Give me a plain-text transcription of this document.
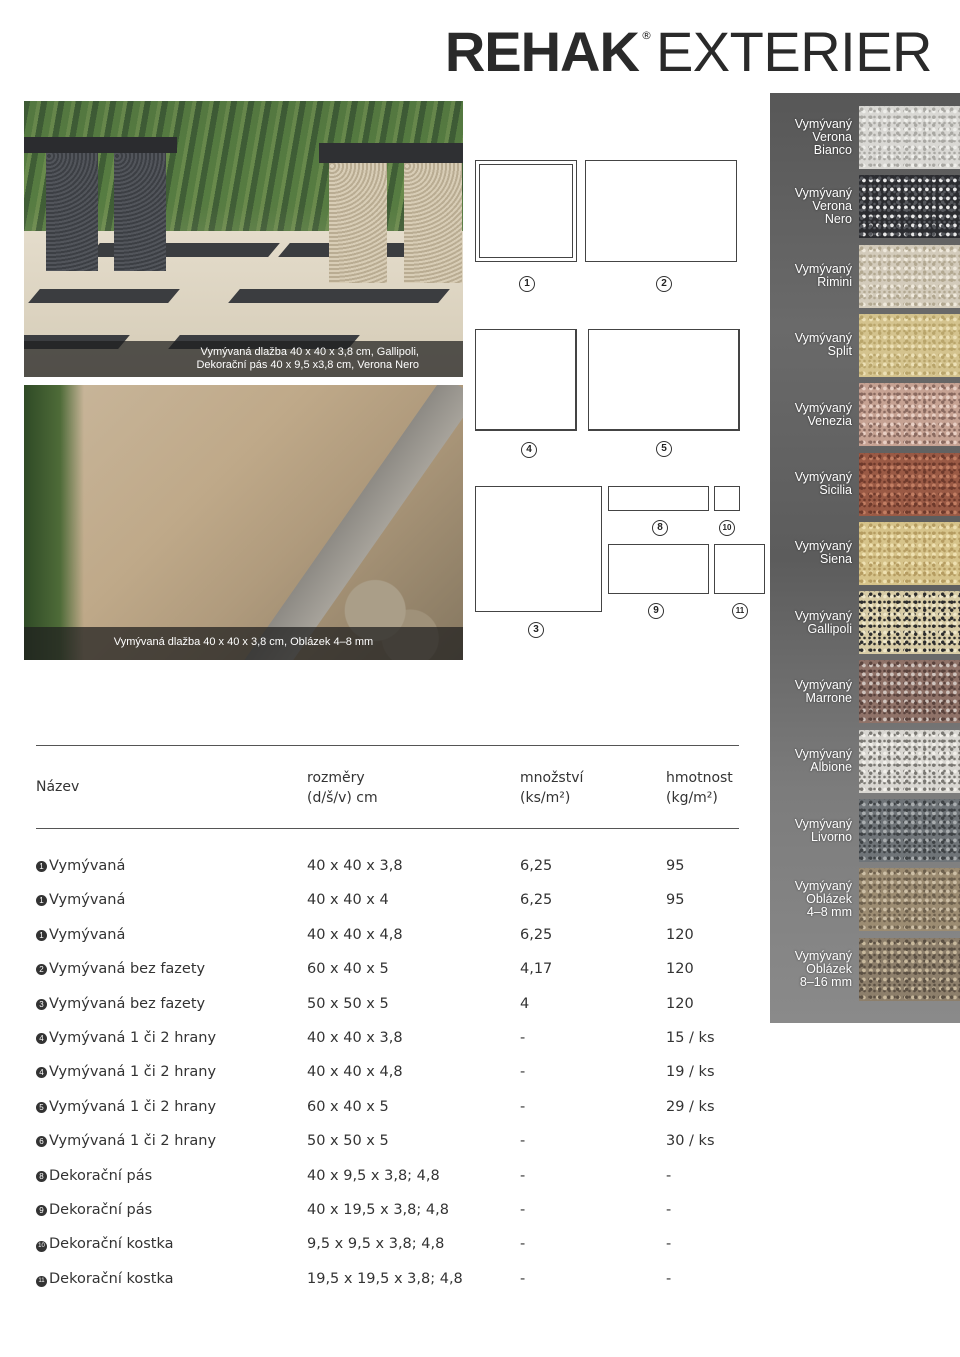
REHAK ® EXTERIER
Vymývaná dlažba 40 x 40 x 3,8 cm, Gallipoli,
Dekorační pás 40 x 9,5 x3,8 cm, Verona Nero
Vymývaná dlažba 40 x 40 x 3,8 cm, Oblázek 4–8 mm
1	2
4	5
3
8	10
9	11
Vymývaný
Verona
Bianco
Vymývaný
Verona
Nero
Vymývaný
Rimini
Vymývaný
Split
Vymývaný
Venezia
Vymývaný
Sicilia
Vymývaný
Siena
Vymývaný
Gallipoli
Vymývaný
Marrone
Vymývaný
Albione
Vymývaný
Livorno
Vymývaný
Oblázek
4–8 mm
Vymývaný
Oblázek
8–16 mm
Název
rozměry
(d/š/v) cm
množství
(ks/m²)
hmotnost
(kg/m²)
1 Vymývaná	40 x 40 x 3,8	6,25	95
1 Vymývaná	40 x 40 x 4	6,25	95
1 Vymývaná	40 x 40 x 4,8	6,25	120
2 Vymývaná bez fazety	60 x 40 x 5	4,17	120
3 Vymývaná bez fazety	50 x 50 x 5	4	120
4 Vymývaná 1 či 2 hrany	40 x 40 x 3,8	-	15 / ks
4 Vymývaná 1 či 2 hrany	40 x 40 x 4,8	-	19 / ks
5 Vymývaná 1 či 2 hrany	60 x 40 x 5	-	29 / ks
6 Vymývaná 1 či 2 hrany	50 x 50 x 5	-	30 / ks
8 Dekorační pás	40 x 9,5 x 3,8; 4,8	-	-
9 Dekorační pás	40 x 19,5 x 3,8; 4,8	-	-
10 Dekorační kostka	9,5 x 9,5 x 3,8; 4,8	-	-
11 Dekorační kostka	19,5 x 19,5 x 3,8; 4,8	-	-
